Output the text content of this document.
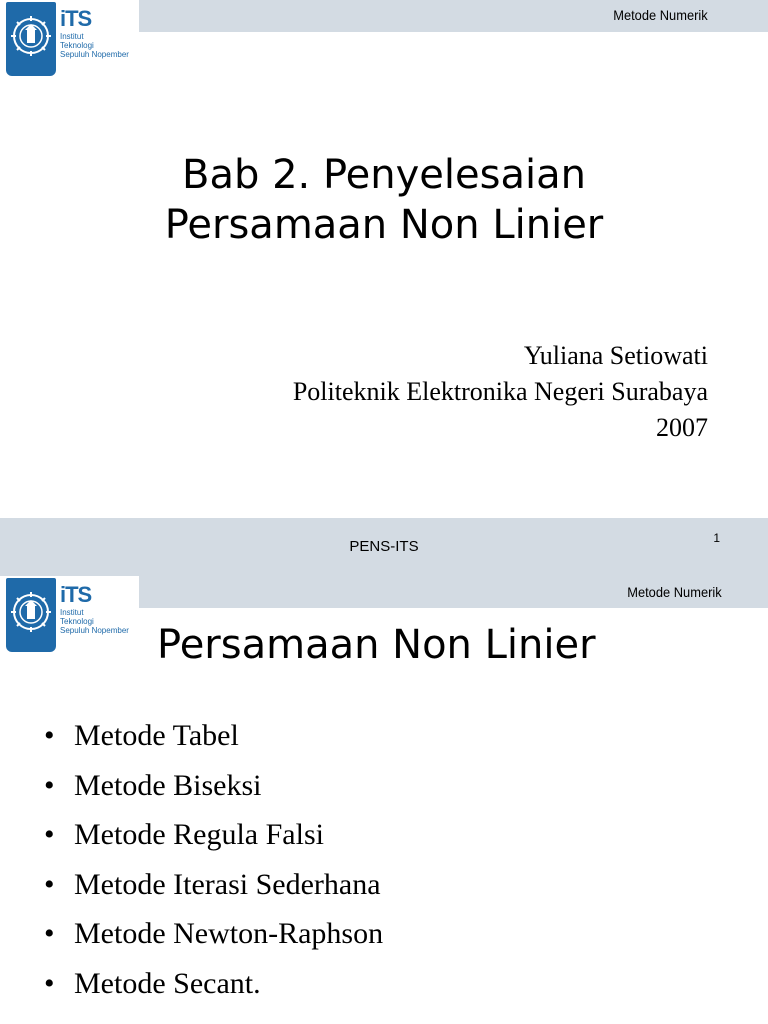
Metode Numerik
iTS
Institut
Teknologi
Sepuluh Nopember
Bab 2. Penyelesaian
Persamaan Non Linier
Yuliana Setiowati
Politeknik Elektronika Negeri Surabaya
2007
PENS-ITS	1
Metode Numerik
iTS
Institut
Teknologi
Sepuluh Nopember Persamaan Non Linier
• Metode Tabel
• Metode Biseksi
• Metode Regula Falsi
• Metode Iterasi Sederhana
• Metode Newton-Raphson
• Metode Secant.
